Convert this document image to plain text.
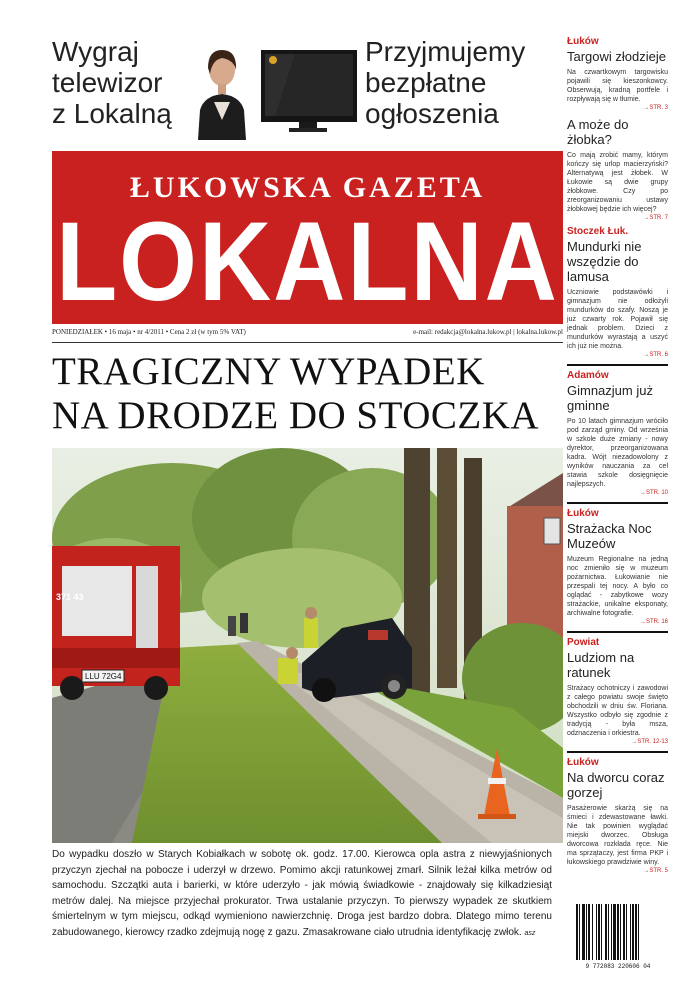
Wygraj
telewizor
z Lokalną
Przyjmujemy
bezpłatne
ogłoszenia
ŁUKOWSKA GAZETA
LOKALNA
PONIEDZIAŁEK • 16 maja • nr 4/2011 • Cena 2 zł (w tym 5% VAT)	e-mail: redakcja@lokalna.lukow.pl | lokalna.lukow.pl
TRAGICZNY WYPADEK
NA DRODZE DO STOCZKA
LLU 72G4
371 43
Do wypadku doszło w Starych Kobiałkach w sobotę ok. godz. 17.00. Kierowca opla astra z niewyjaśnionych przyczyn zjechał na pobocze i uderzył w drzewo. Pomimo akcji ratunkowej zmarł. Silnik leżał kilka metrów od samochodu. Szczątki auta i barierki, w które uderzyło - jak mówią świadkowie - znajdowały się kilkadziesiąt metrów dalej. Na miejsce przyjechał prokurator. Trwa ustalanie przyczyn. To pierwszy wypadek ze skutkiem śmiertelnym w tym miejscu, odkąd wymieniono nawierzchnię. Droga jest bardzo dobra. Dlatego mimo terenu zabudowanego, kierowcy rzadko zdejmują nogę z gazu. Zmasakrowane ciało utrudnia identyfikację zwłok. asz
Łuków
Targowi złodzieje
Na czwartkowym targowisku pojawili się kieszonkowcy. Obserwują, kradną portfele i rozpływają się w tłumie.
→STR. 3
A może do żłobka?
Co mają zrobić mamy, którym kończy się urlop macierzyński? Alternatywą jest żłobek. W Łukowie są dwie grupy żłobkowe. Czy po zreorganizowaniu ustawy żłobkowej będzie ich więcej?
→STR. 7
Stoczek Łuk.
Mundurki nie wszędzie do lamusa
Uczniowie podstawówki i gimnazjum nie odłożyli mundurków do szafy. Noszą je już czwarty rok. Pojawił się jednak problem. Dzieci z mundurków wyrastają a uszyć ich już nie można.
→STR. 6
Adamów
Gimnazjum już gminne
Po 10 latach gimnazjum wróciło pod zarząd gminy. Od września w szkole duże zmiany - nowy dyrektor, przeorganizowana kadra. Wójt niezadowolony z wyników nauczania za cel stawia szkole dosięgnięcie najlepszych.
→STR. 10
Łuków
Strażacka Noc Muzeów
Muzeum Regionalne na jedną noc zmieniło się w muzeum pożarnictwa. Łukowianie nie przespali tej nocy. A było co oglądać - zabytkowe wozy strażackie, unikalne eksponaty, archiwalne fotografie.
→STR. 16
Powiat
Ludziom na ratunek
Strażacy ochotniczy i zawodowi z całego powiatu swoje święto obchodzili w dniu św. Floriana. Wszystko odbyło się zgodnie z tradycją - była msza, odznaczenia i orkiestra.
→STR. 12-13
Łuków
Na dworcu coraz gorzej
Pasażerowie skarżą się na śmieci i zdewastowane ławki. Nie tak powinien wyglądać miejski dworzec. Obsługa dworcowa rozkłada ręce. Nie ma sprzątaczy, jest firma PKP i łukowskiego prawdziwie winy.
→STR. 5
9 772083 220606 04
